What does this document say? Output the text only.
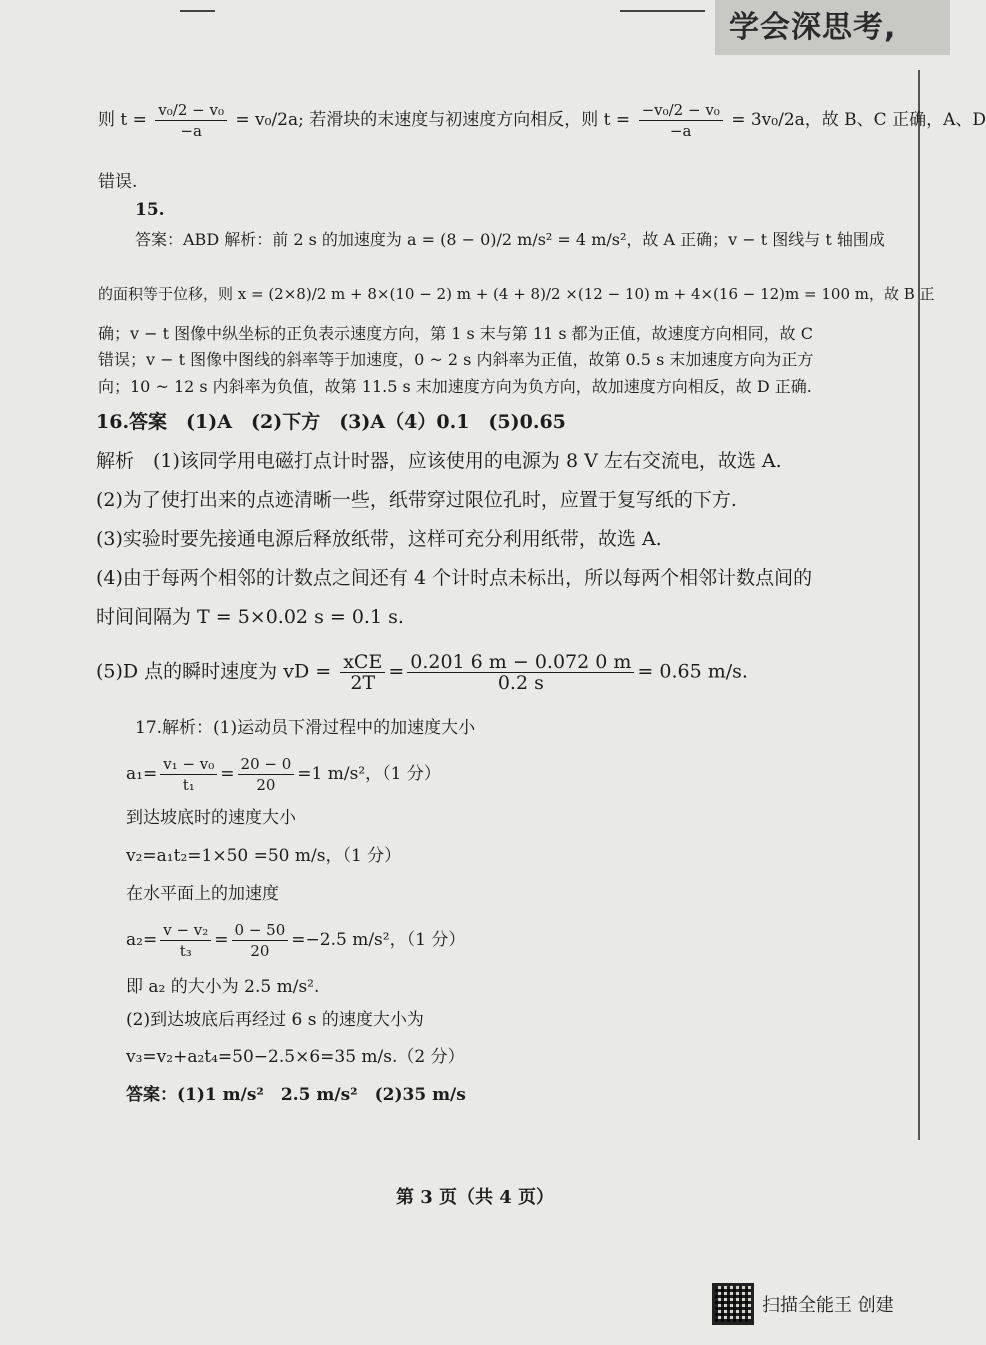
学会深思考,
则 $t = \frac{\text{v₀/2 − v₀}}{-a} = v_0/2a$; 若滑块的末速度与初速度方向相反，则 $t = \frac{\text{−v₀/2 − v₀}}{-a} = 3v_0/2a$，故 B、C 正确，A、D
错误.
15.
答案：ABD 解析：前 2 s 的加速度为 a = (8 − 0)/2 m/s² = 4 m/s²，故 A 正确；v − t 图线与 t 轴围成
的面积等于位移，则 x = (2×8)/2 m + 8×(10 − 2) m + (4 + 8)/2 ×(12 − 10) m + 4×(16 − 12)m = 100 m，故 B 正
确；v − t 图像中纵坐标的正负表示速度方向，第 1 s 末与第 11 s 都为正值，故速度方向相同，故 C
错误；v − t 图像中图线的斜率等于加速度，0 ~ 2 s 内斜率为正值，故第 0.5 s 末加速度方向为正方
向；10 ~ 12 s 内斜率为负值，故第 11.5 s 末加速度方向为负方向，故加速度方向相反，故 D 正确.
16.答案　(1)A　(2)下方　(3)A（4）0.1　(5)0.65
解析　(1)该同学用电磁打点计时器，应该使用的电源为 8 V 左右交流电，故选 A.
(2)为了使打出来的点迹清晰一些，纸带穿过限位孔时，应置于复写纸的下方.
(3)实验时要先接通电源后释放纸带，这样可充分利用纸带，故选 A.
(4)由于每两个相邻的计数点之间还有 4 个计时点未标出，所以每两个相邻计数点间的
时间间隔为 T = 5×0.02 s = 0.1 s.
(5)D 点的瞬时速度为 vD = $\frac{\text{xCE}}{2T} = \frac{0.201 6 m - 0.072 0 m}{0.2 s} = 0.65$ m/s.
17.解析：(1)运动员下滑过程中的加速度大小
$a_1= \frac{\text{v₁ − v₀}}{\text{t₁}} = \frac{20 - 0}{20} =1$ m/s²，（1 分）
到达坡底时的速度大小
v₂=a₁t₂=1×50 =50 m/s，（1 分）
在水平面上的加速度
$a_2= \frac{\text{v − v₂}}{\text{t₃}} = \frac{0 - 50}{20} =-2.5$ m/s²，（1 分）
即 a₂ 的大小为 2.5 m/s².
(2)到达坡底后再经过 6 s 的速度大小为
v₃=v₂+a₂t₄=50−2.5×6=35 m/s.（2 分）
答案：(1)1 m/s²　2.5 m/s²　(2)35 m/s
第 3 页（共 4 页）
扫描全能王 创建
